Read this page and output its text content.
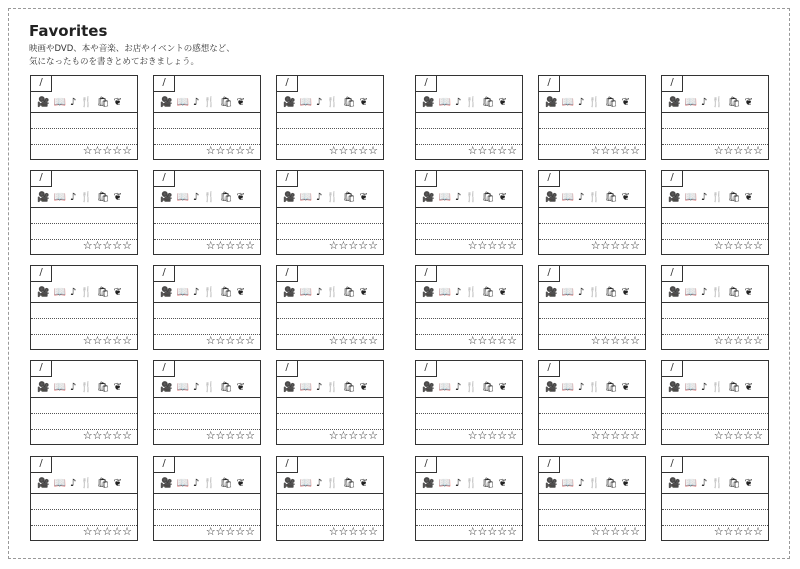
Favorites
映画やDVD、本や音楽、お店やイベントの感想など、
気になったものを書きとめておきましょう。
/
🎥 📖 ♪ 🍴 🛍 ❦
☆☆☆☆☆
/
🎥 📖 ♪ 🍴 🛍 ❦
☆☆☆☆☆
/
🎥 📖 ♪ 🍴 🛍 ❦
☆☆☆☆☆
/
🎥 📖 ♪ 🍴 🛍 ❦
☆☆☆☆☆
/
🎥 📖 ♪ 🍴 🛍 ❦
☆☆☆☆☆
/
🎥 📖 ♪ 🍴 🛍 ❦
☆☆☆☆☆
/
🎥 📖 ♪ 🍴 🛍 ❦
☆☆☆☆☆
/
🎥 📖 ♪ 🍴 🛍 ❦
☆☆☆☆☆
/
🎥 📖 ♪ 🍴 🛍 ❦
☆☆☆☆☆
/
🎥 📖 ♪ 🍴 🛍 ❦
☆☆☆☆☆
/
🎥 📖 ♪ 🍴 🛍 ❦
☆☆☆☆☆
/
🎥 📖 ♪ 🍴 🛍 ❦
☆☆☆☆☆
/
🎥 📖 ♪ 🍴 🛍 ❦
☆☆☆☆☆
/
🎥 📖 ♪ 🍴 🛍 ❦
☆☆☆☆☆
/
🎥 📖 ♪ 🍴 🛍 ❦
☆☆☆☆☆
/
🎥 📖 ♪ 🍴 🛍 ❦
☆☆☆☆☆
/
🎥 📖 ♪ 🍴 🛍 ❦
☆☆☆☆☆
/
🎥 📖 ♪ 🍴 🛍 ❦
☆☆☆☆☆
/
🎥 📖 ♪ 🍴 🛍 ❦
☆☆☆☆☆
/
🎥 📖 ♪ 🍴 🛍 ❦
☆☆☆☆☆
/
🎥 📖 ♪ 🍴 🛍 ❦
☆☆☆☆☆
/
🎥 📖 ♪ 🍴 🛍 ❦
☆☆☆☆☆
/
🎥 📖 ♪ 🍴 🛍 ❦
☆☆☆☆☆
/
🎥 📖 ♪ 🍴 🛍 ❦
☆☆☆☆☆
/
🎥 📖 ♪ 🍴 🛍 ❦
☆☆☆☆☆
/
🎥 📖 ♪ 🍴 🛍 ❦
☆☆☆☆☆
/
🎥 📖 ♪ 🍴 🛍 ❦
☆☆☆☆☆
/
🎥 📖 ♪ 🍴 🛍 ❦
☆☆☆☆☆
/
🎥 📖 ♪ 🍴 🛍 ❦
☆☆☆☆☆
/
🎥 📖 ♪ 🍴 🛍 ❦
☆☆☆☆☆
